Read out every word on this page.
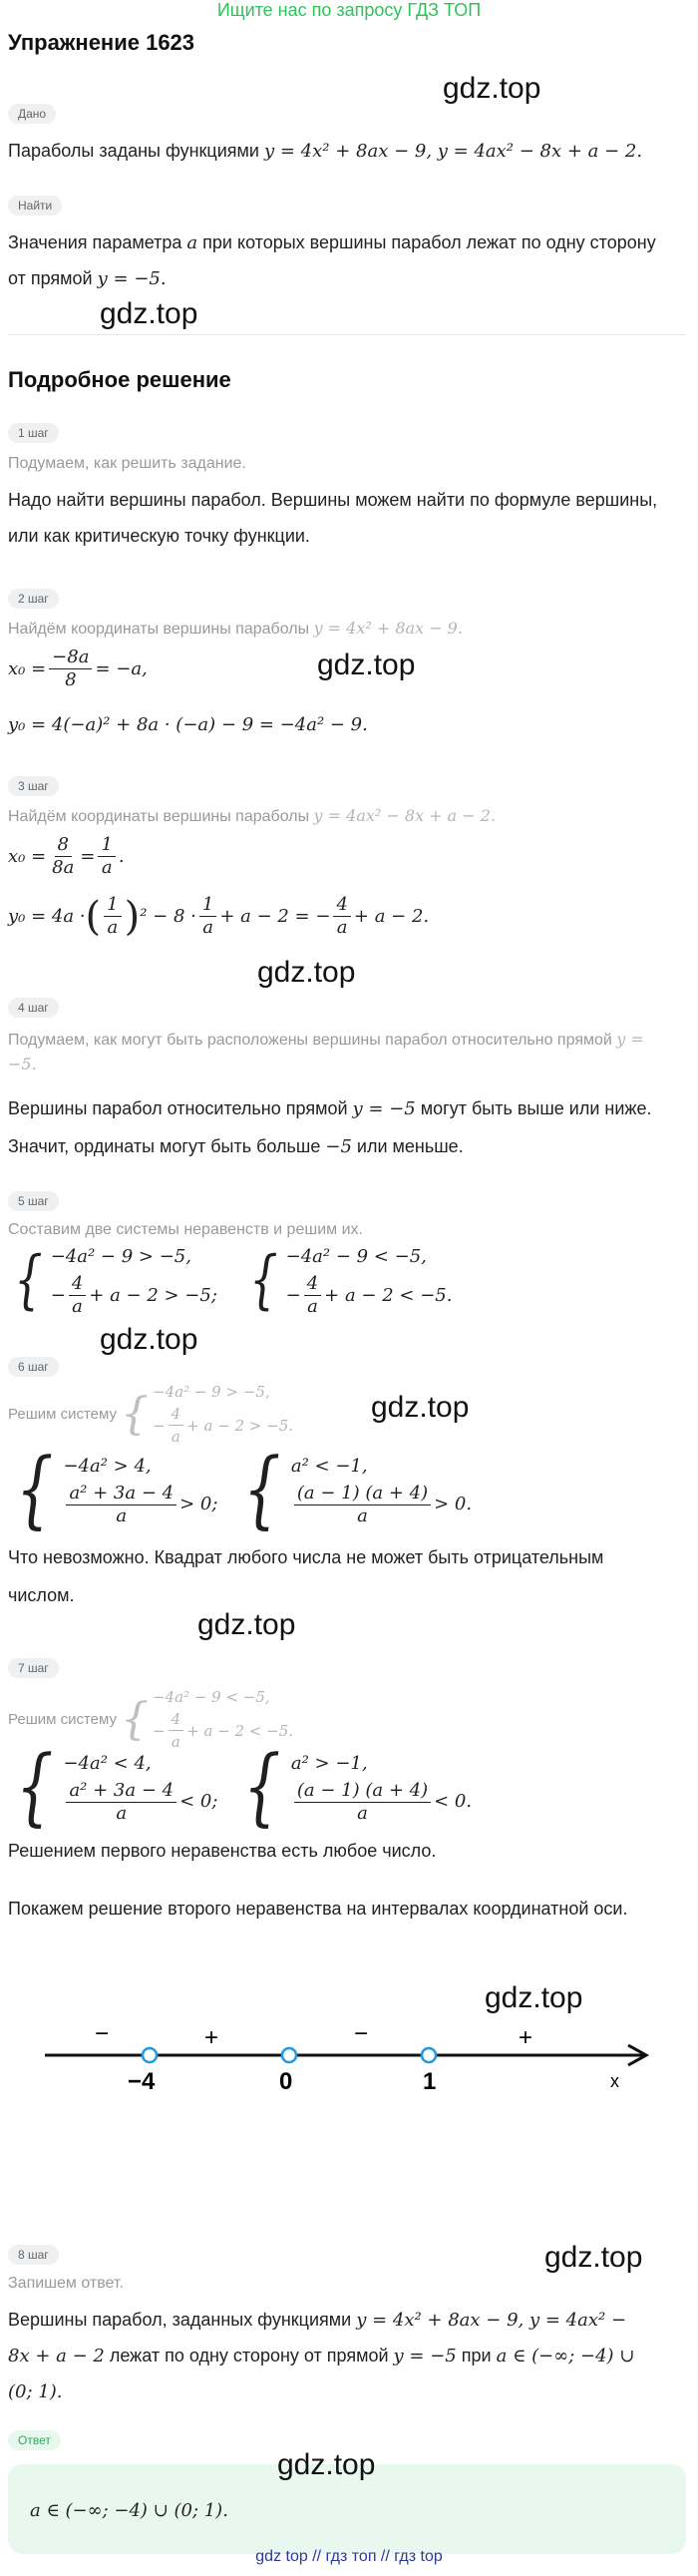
Ищите нас по запросу ГДЗ ТОП
Упражнение 1623
gdz.top
Дано
Параболы заданы функциями y = 4x² + 8ax − 9, y = 4ax² − 8x + a − 2.
Найти
Значения параметра a при которых вершины парабол лежат по одну сторону
от прямой y = −5.
gdz.top
Подробное решение
1 шаг
Подумаем, как решить задание.
Надо найти вершины парабол. Вершины можем найти по формуле вершины,
или как критическую точку функции.
2 шаг
Найдём координаты вершины параболы y = 4x² + 8ax − 9.
$x_0 = \frac{-8a}{8} = -a$,	gdz.top
y₀ = 4(−a)² + 8a · (−a) − 9 = −4a² − 9.
3 шаг
Найдём координаты вершины параболы y = 4ax² − 8x + a − 2.
$x_0 = \frac{8}{8a} = \frac{1}{a}$ .
y₀ = 4a · ( $\frac{1}{a}$ ) $^2 - 8 \cdot \frac{1}{a} + a - 2$ = − $\frac{4}{a} + a - 2$.
gdz.top
4 шаг
Подумаем, как могут быть расположены вершины парабол относительно прямой y =
−5.
Вершины парабол относительно прямой y = −5 могут быть выше или ниже.
Значит, ординаты могут быть больше −5 или меньше.
5 шаг
Составим две системы неравенств и решим их.
{ −4a² − 9 > −5,
− $\frac{4}{a} + a - 2 > -5$; { −4a² − 9 < −5,
− $\frac{4}{a} + a - 2 < -5$.
gdz.top
6 шаг
Решим систему { −4a² − 9 > −5,
− $\frac{4}{a} + a - 2 > -5$.
gdz.top
{ −4a² > 4,
$\frac{\text{a² + 3a − 4}}{a} > 0$; { a² < −1,
$\frac{(a - 1) (a + 4)}{a} > 0$.
Что невозможно. Квадрат любого числа не может быть отрицательным
числом.
gdz.top
7 шаг
Решим систему { −4a² − 9 < −5,
− $\frac{4}{a} + a - 2 < -5$.
{ −4a² < 4,
$\frac{\text{a² + 3a − 4}}{a} < 0$; { a² > −1,
$\frac{(a - 1) (a + 4)}{a} < 0$.
Решением первого неравенства есть любое число.
Покажем решение второго неравенства на интервалах координатной оси.
gdz.top
−	+	−	+
−4	0	1	x
gdz.top
8 шаг
Запишем ответ.
Вершины парабол, заданных функциями y = 4x² + 8ax − 9, y = 4ax² −
8x + a − 2 лежат по одну сторону от прямой y = −5 при a ∈ (−∞; −4) ∪
(0; 1).
Ответ
gdz.top
a ∈ (−∞; −4) ∪ (0; 1).
gdz top // гдз топ // гдз top
